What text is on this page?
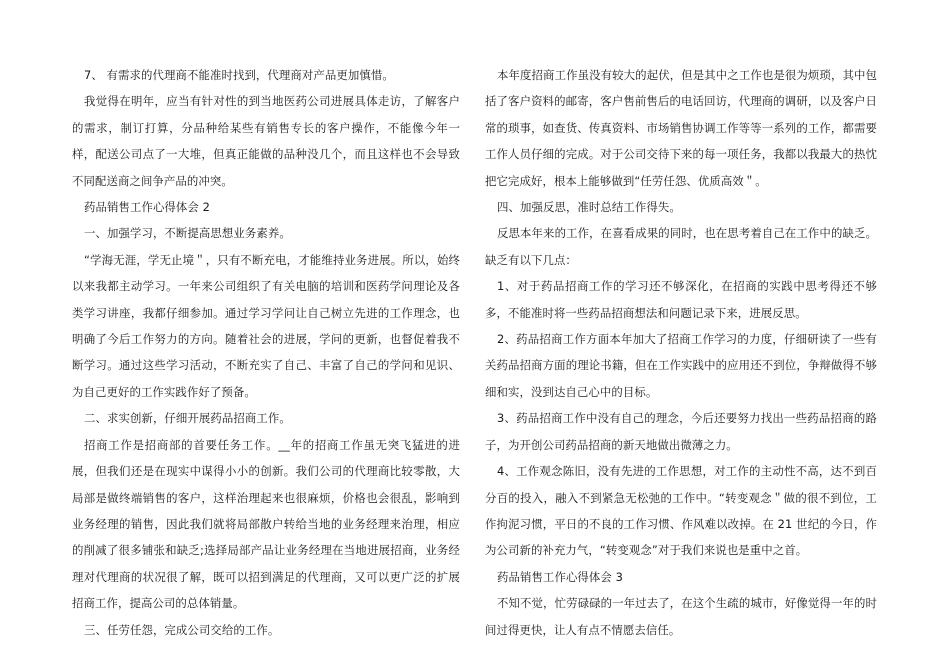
7、 有需求的代理商不能准时找到，代理商对产品更加慎惜。

我觉得在明年，应当有针对性的到当地医药公司进展具体走访，了解客户的需求，制订打算，分品种给某些有销售专长的客户操作，不能像今年一样，配送公司点了一大堆，但真正能做的品种没几个，而且这样也不会导致不同配送商之间争产品的冲突。

药品销售工作心得体会 2

一、加强学习，不断提高思想业务素养。

“学海无涯，学无止境＂，只有不断充电，才能维持业务进展。所以，始终以来我都主动学习。一年来公司组织了有关电脑的培训和医药学问理论及各类学习讲座，我都仔细参加。通过学习学问让自己树立先进的工作理念，也明确了今后工作努力的方向。随着社会的进展，学问的更新，也督促着我不断学习。通过这些学习活动，不断充实了自己、丰富了自己的学问和见识、为自己更好的工作实践作好了预备。

二、求实创新，仔细开展药品招商工作。

招商工作是招商部的首要任务工作。__年的招商工作虽无突飞猛进的进展，但我们还是在现实中谋得小小的创新。我们公司的代理商比较零散，大局部是做终端销售的客户，这样治理起来也很麻烦，价格也会很乱，影响到业务经理的销售，因此我们就将局部散户转给当地的业务经理来治理，相应的削减了很多铺张和缺乏;选择局部产品让业务经理在当地进展招商，业务经理对代理商的状况很了解，既可以招到满足的代理商，又可以更广泛的扩展招商工作，提高公司的总体销量。

三、任劳任怨，完成公司交给的工作。

本年度招商工作虽没有较大的起伏，但是其中之工作也是很为烦琐，其中包括了客户资料的邮寄，客户售前售后的电话回访，代理商的调研，以及客户日常的琐事，如查货、传真资料、市场销售协调工作等等一系列的工作，都需要工作人员仔细的完成。对于公司交待下来的每一项任务，我都以我最大的热忱把它完成好，根本上能够做到“任劳任怨、优质高效＂。

四、加强反思，准时总结工作得失。

反思本年来的工作，在喜看成果的同时，也在思考着自己在工作中的缺乏。缺乏有以下几点：

1、对于药品招商工作的学习还不够深化，在招商的实践中思考得还不够多，不能准时将一些药品招商想法和问题记录下来，进展反思。

2、药品招商工作方面本年加大了招商工作学习的力度，仔细研读了一些有关药品招商方面的理论书籍，但在工作实践中的应用还不到位，争辩做得不够细和实，没到达自己心中的目标。

3、药品招商工作中没有自己的理念，今后还要努力找出一些药品招商的路子，为开创公司药品招商的新天地做出微薄之力。

4、工作观念陈旧，没有先进的工作思想，对工作的主动性不高，达不到百分百的投入，融入不到紧急无松弛的工作中。“转变观念＂做的很不到位，工作拘泥习惯，平日的不良的工作习惯、作风难以改掉。在 21 世纪的今日，作为公司新的补充力气，“转变观念”对于我们来说也是重中之首。

药品销售工作心得体会 3

不知不觉，忙劳碌碌的一年过去了，在这个生疏的城市，好像觉得一年的时间过得更快，让人有点不情愿去信任。
